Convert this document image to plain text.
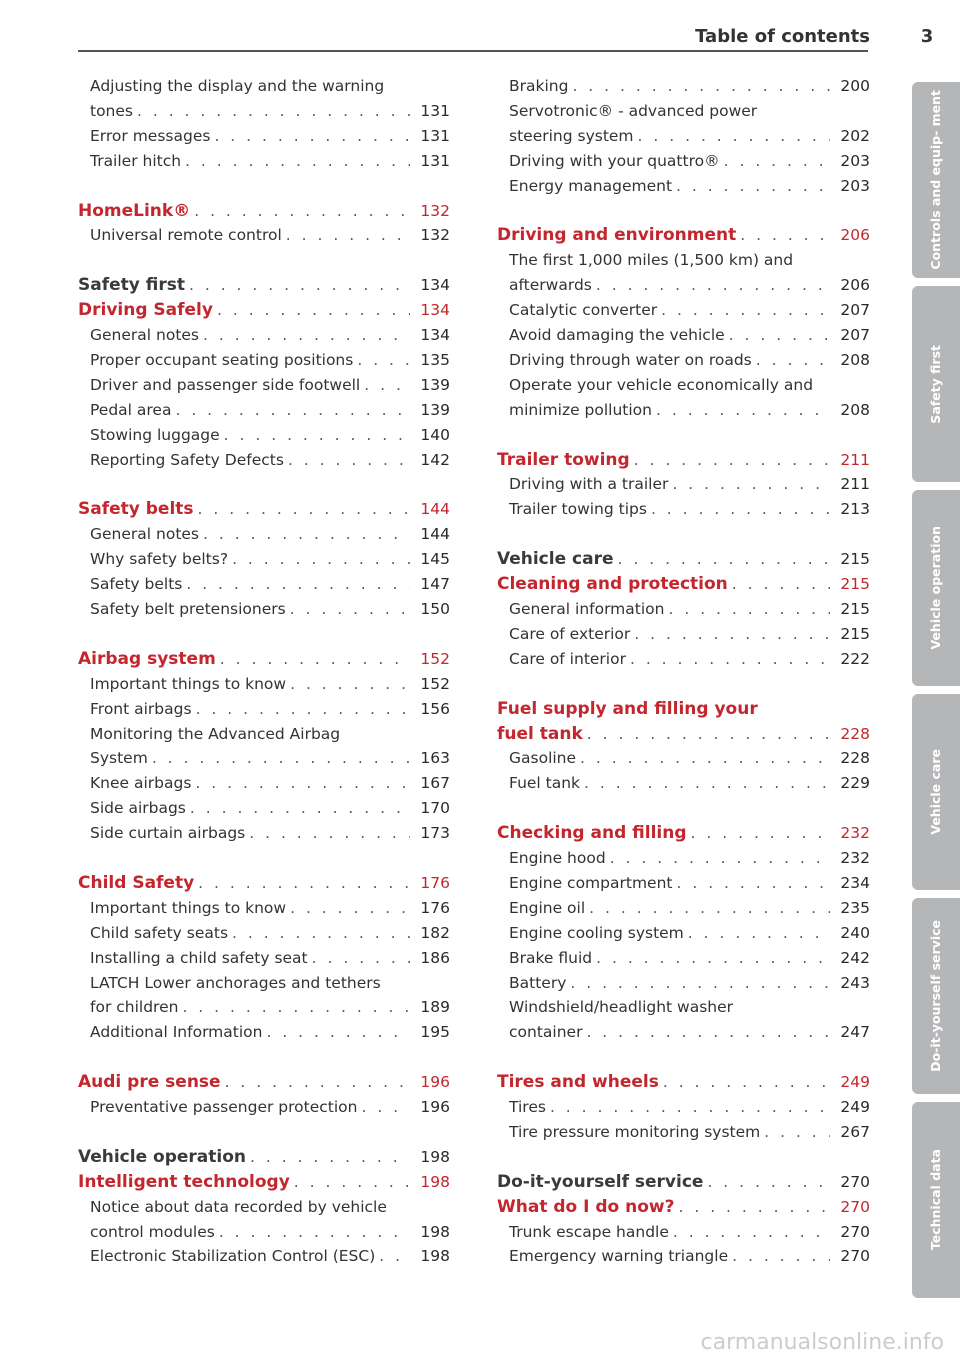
Table of contents	3
Adjusting the display and the warning
tones . . .	131
Error messages . . .	131
Trailer hitch . . .	131
HomeLink® . . .	132
Universal remote control . . .	132
Safety first . . .	134
Driving Safely . . .	134
General notes . . .	134
Proper occupant seating positions . . .	135
Driver and passenger side footwell . . .	139
Pedal area . . .	139
Stowing luggage . . .	140
Reporting Safety Defects . . .	142
Safety belts . . .	144
General notes . . .	144
Why safety belts? . . .	145
Safety belts . . .	147
Safety belt pretensioners . . .	150
Airbag system . . .	152
Important things to know . . .	152
Front airbags . . .	156
Monitoring the Advanced Airbag
System . . .	163
Knee airbags . . .	167
Side airbags . . .	170
Side curtain airbags . . .	173
Child Safety . . .	176
Important things to know . . .	176
Child safety seats . . .	182
Installing a child safety seat . . .	186
LATCH Lower anchorages and tethers
for children . . .	189
Additional Information . . .	195
Audi pre sense . . .	196
Preventative passenger protection . . .	196
Vehicle operation . . .	198
Intelligent technology . . .	198
Notice about data recorded by vehicle
control modules . . .	198
Electronic Stabilization Control (ESC) . . .	198
Braking . . .	200
Servotronic® - advanced power
steering system . . .	202
Driving with your quattro® . . .	203
Energy management . . .	203
Driving and environment . . .	206
The first 1,000 miles (1,500 km) and
afterwards . . .	206
Catalytic converter . . .	207
Avoid damaging the vehicle . . .	207
Driving through water on roads . . .	208
Operate your vehicle economically and
minimize pollution . . .	208
Trailer towing . . .	211
Driving with a trailer . . .	211
Trailer towing tips . . .	213
Vehicle care . . .	215
Cleaning and protection . . .	215
General information . . .	215
Care of exterior . . .	215
Care of interior . . .	222
Fuel supply and filling your
fuel tank . . .	228
Gasoline . . .	228
Fuel tank . . .	229
Checking and filling . . .	232
Engine hood . . .	232
Engine compartment . . .	234
Engine oil . . .	235
Engine cooling system . . .	240
Brake fluid . . .	242
Battery . . .	243
Windshield/headlight washer
container . . .	247
Tires and wheels . . .	249
Tires . . .	249
Tire pressure monitoring system . . .	267
Do-it-yourself service . . .	270
What do I do now? . . .	270
Trunk escape handle . . .	270
Emergency warning triangle . . .	270
Controls and equip- ment
Safety first
Vehicle operation
Vehicle care
Do-it-yourself service
Technical data
carmanualsonline.info
